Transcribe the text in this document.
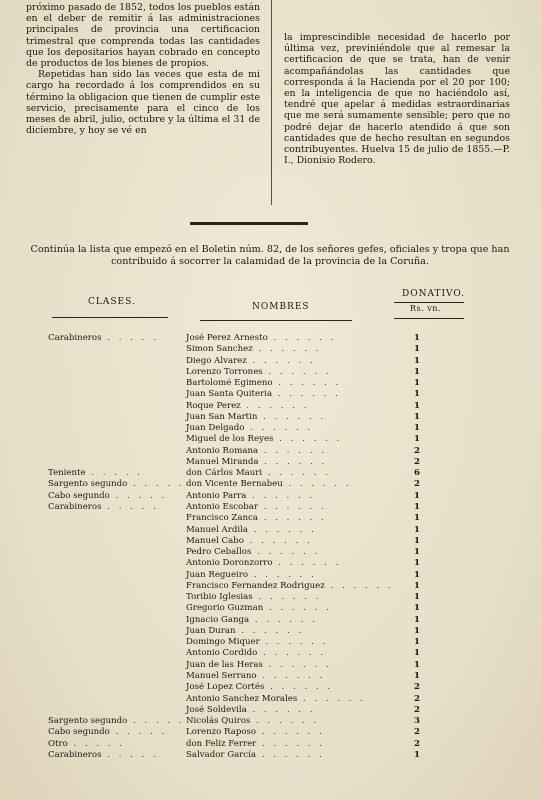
próximo pasado de 1852, todos los pueblos están en el deber de remitir á las administraciones principales de provincia una certificacion trimestral que comprenda todas las cantidades que los depositarios hayan cobrado en concepto de productos de los bienes de propios.

Repetidas han sido las veces que esta de mi cargo ha recordado á los comprendidos en su término la obligacion que tienen de cumplir este servicio, precisamente para el cinco de los meses de abril, julio, octubre y la última el 31 de diciembre, y hoy se vé en

la imprescindible necesidad de hacerlo por última vez, previniéndole que al remesar la certificacion de que se trata, han de venir acompañándolas las cantidades que corresponda á la Hacienda por el 20 por 100; en la inteligencia de que no haciéndolo así, tendré que apelar á medidas estraordinarias que me será sumamente sensible; pero que no podré dejar de hacerlo atendido á que son cantidades que de hecho resultan en segundos contribuyentes. Huelva 15 de julio de 1855.—P. I., Dionisio Rodero.

Continúa la lista que empezó en el Boletin núm. 82, de los señores gefes, oficiales y tropa que han contribuido á socorrer la calamidad de la provincia de la Coruña.
CLASES.	NOMBRES
DONATIVO.
Rs. vn.
Carabineros . . . . .	José Perez Arnesto . . . . . .	1
Simon Sanchez . . . . . .	1
Diego Alvarez . . . . . .	1
Lorenzo Torrones . . . . . .	1
Bartolomé Egimeno . . . . . .	1
Juan Santa Quiteria . . . . . .	1
Roque Perez . . . . . .	1
Juan San Martin . . . . . .	1
Juan Delgado . . . . . .	1
Miguel de los Reyes . . . . . .	1
Antonio Romana . . . . . .	2
Manuel Miranda . . . . . .	2
Teniente . . . . .	don Cárlos Mauri . . . . . .	6
Sargento segundo . . . . . don Vicente Bernabeu . . . . . .	2
Cabo segundo . . . . . Antonio Parra . . . . . .	1
Carabineros . . . . .	Antonio Escobar . . . . . .	1
Francisco Zanca . . . . . .	1
Manuel Ardila . . . . . .	1
Manuel Cabo . . . . . .	1
Pedro Ceballos . . . . . .	1
Antonio Doronzorro . . . . . .	1
Juan Regueiro . . . . . .	1
Francisco Fernandez Rodriguez . . . . . . 1
Toribio Iglesias . . . . . .	1
Gregorio Guzman . . . . . .	1
Ignacio Ganga . . . . . .	1
Juan Duran . . . . . .	1
Domingo Miquer . . . . . .	1
Antonio Cordido . . . . . .	1
Juan de las Heras . . . . . .	1
Manuel Serrano . . . . . .	1
José Lopez Cortés . . . . . .	2
Antonio Sanchez Morales . . . . . .	2
José Soldevila . . . . . .	2
Sargento segundo . . . . . Nicolás Quiros . . . . . .	3
Cabo segundo . . . . . Lorenzo Raposo . . . . . .	2
Otro . . . . .	don Feliz Ferrer . . . . . .	2
Carabineros . . . . .	Salvador García . . . . . .	1
